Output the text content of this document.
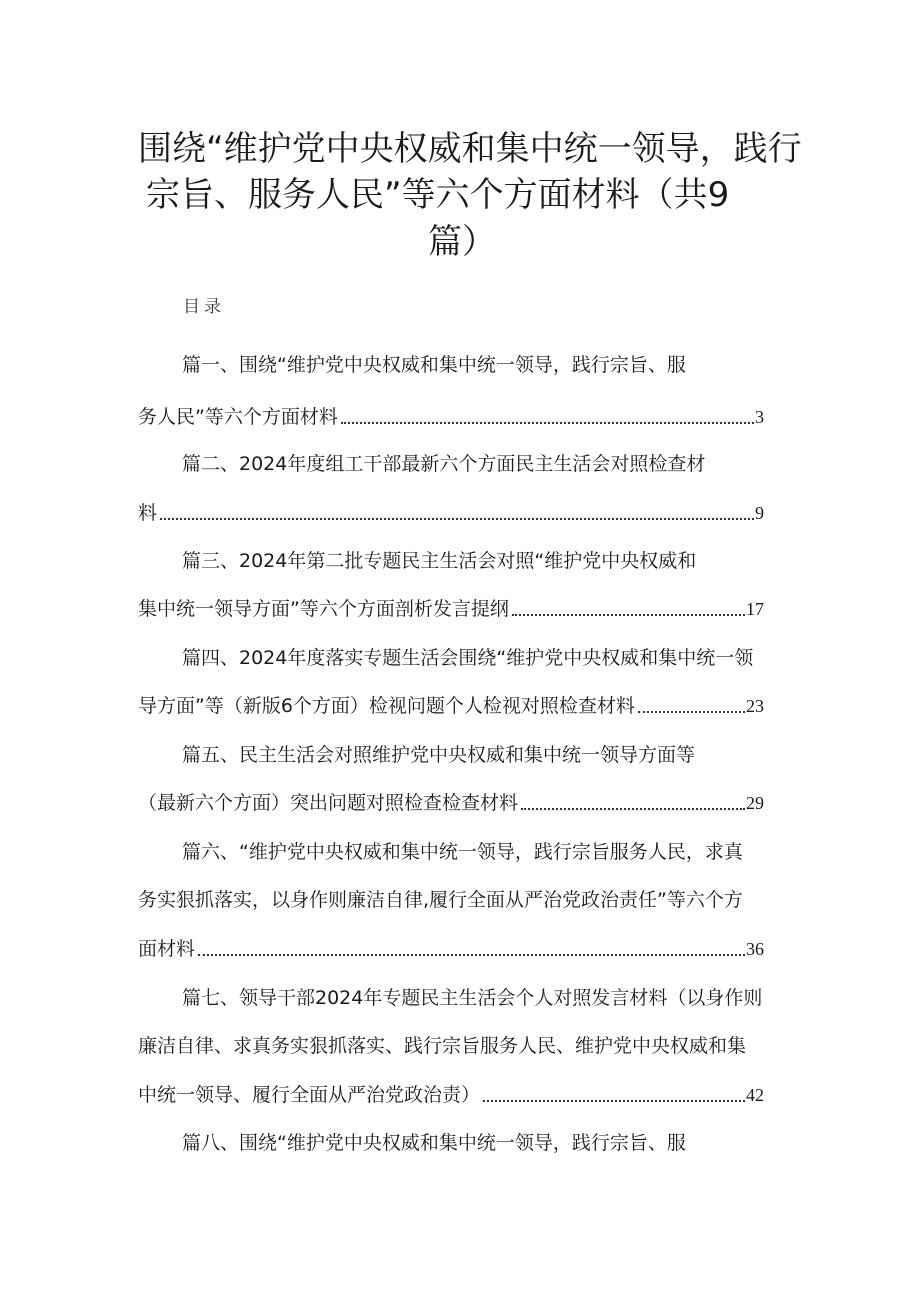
围绕“维护党中央权威和集中统一领导，践行
宗旨、服务人民”等六个方面材料（共9
篇）
目录
篇一、围绕“维护党中央权威和集中统一领导，践行宗旨、服
务人民”等六个方面材料	3
篇二、2024年度组工干部最新六个方面民主生活会对照检查材
料	9
篇三、2024年第二批专题民主生活会对照“维护党中央权威和
集中统一领导方面”等六个方面剖析发言提纲	17
篇四、2024年度落实专题生活会围绕“维护党中央权威和集中统一领
导方面”等（新版6个方面）检视问题个人检视对照检查材料	23
篇五、民主生活会对照维护党中央权威和集中统一领导方面等
（最新六个方面）突出问题对照检查检查材料	29
篇六、“维护党中央权威和集中统一领导，践行宗旨服务人民，求真
务实狠抓落实，以身作则廉洁自律,履行全面从严治党政治责任”等六个方
面材料	36
篇七、领导干部2024年专题民主生活会个人对照发言材料（以身作则
廉洁自律、求真务实狠抓落实、践行宗旨服务人民、维护党中央权威和集
中统一领导、履行全面从严治党政治责）	42
篇八、围绕“维护党中央权威和集中统一领导，践行宗旨、服
